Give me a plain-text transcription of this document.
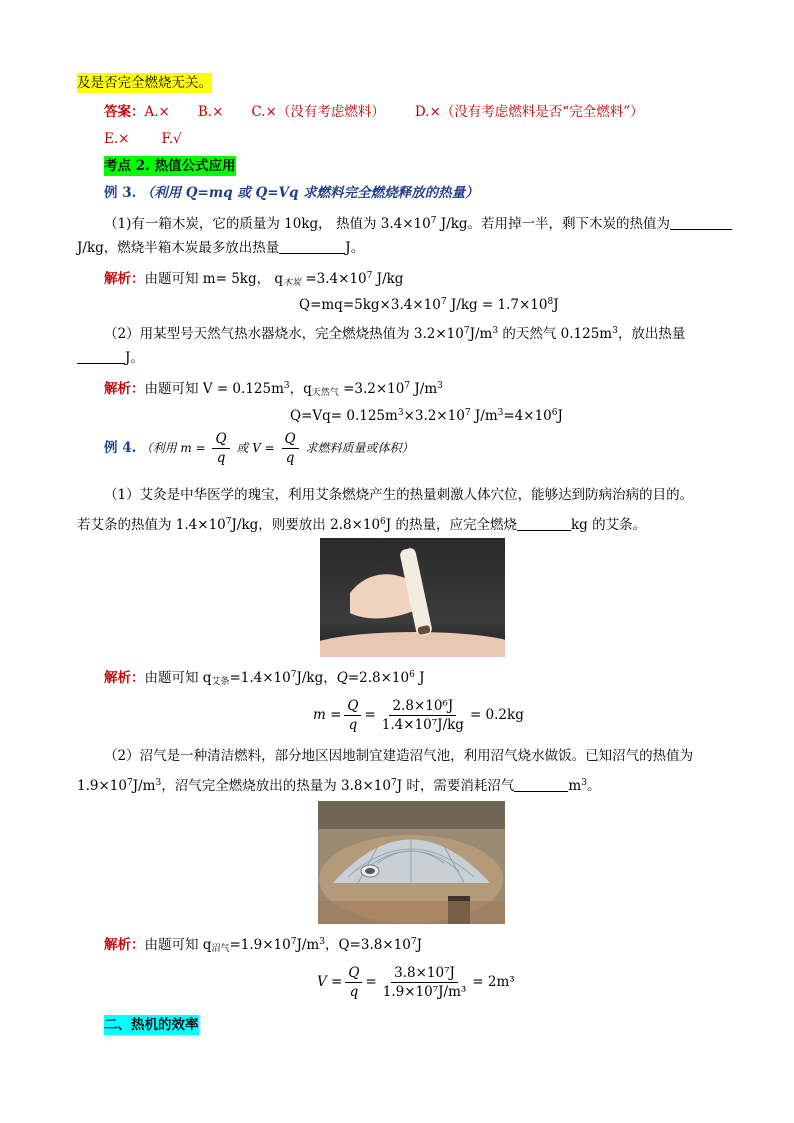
及是否完全燃烧无关。
答案：A.× B.× C.×（没有考虑燃料） D.×（没有考虑燃料是否“完全燃料”）
E.× F.√
考点 2. 热值公式应用
例 3. （利用 Q=mq 或 Q=Vq 求燃料完全燃烧释放的热量）
（1)有一箱木炭，它的质量为 10kg， 热值为 $3.4\times 10^7$ J/kg。若用掉一半，剩下木炭的热值为
J/kg，燃烧半箱木炭最多放出热量	J。
解析：由题可知 m= 5kg， $q_{木炭} =3.4\times 10^7$ J/kg
$Q=mq=5kg\times 3.4\times 10^7$ $J/kg = 1.7\times 10^8J$
（2）用某型号天然气热水器烧水，完全燃烧热值为 $3.2\times 10^7J/m^3$ 的天然气 $0.125m^3$，放出热量
J。
解析：由题可知 $V = 0.125m^3$，$q_{天然气} =3.2\times 10^7$ $J/m^3$
$Q=Vq= 0.125m^3\times 3.2\times 10^7$ $J/m^3=4\times 10^6J$
例 4. （利用 $m = \frac{Q}{q}$ 或 $V = \frac{Q}{q}$ 求燃料质量或体积）
（1）艾灸是中华医学的瑰宝，利用艾条燃烧产生的热量刺激人体穴位，能够达到防病治病的目的。
若艾条的热值为 $1.4\times 10^7J/kg$，则要放出 $2.8\times 10^6J$ 的热量，应完全燃烧	kg 的艾条。
解析：由题可知 $q_{艾条}=1.4\times 10^7J/kg$，$Q=2.8\times 10^6$ J
$m = \frac{Q}{q} = \frac{\text{2.8×10⁶J}}{\text{1.4×10⁷J/kg}} = 0.2kg$
（2）沼气是一种清洁燃料，部分地区因地制宜建造沼气池，利用沼气烧水做饭。已知沼气的热值为
$1.9\times 10^7J/m^3$，沼气完全燃烧放出的热量为 $3.8\times 10^7J$ 时，需要消耗沼气	$m^3$。
解析：由题可知 $q_{沼气}=1.9\times 10^7J/m^3$，$Q=3.8\times 10^7J$
$V = \frac{Q}{q} = \frac{\text{3.8×10⁷J}}{\text{1.9×10⁷J/m³}} = 2m^3$
二、热机的效率
